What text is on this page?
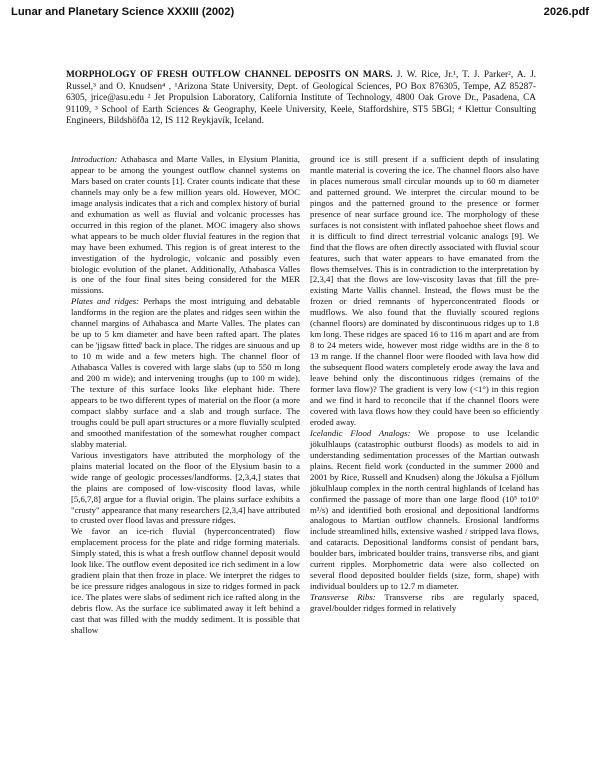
Lunar and Planetary Science XXXIII (2002)	2026.pdf
MORPHOLOGY OF FRESH OUTFLOW CHANNEL DEPOSITS ON MARS. J. W. Rice, Jr.¹, T. J. Parker², A. J. Russel,³ and O. Knudsen⁴ , ¹Arizona State University, Dept. of Geological Sciences, PO Box 876305, Tempe, AZ 85287-6305, jrice@asu.edu ² Jet Propulsion Laboratory, California Institute of Technology, 4800 Oak Grove Dr., Pasadena, CA 91109, ³ School of Earth Sciences & Geography, Keele University, Keele, Staffordshire, ST5 5BGl; ⁴ Klettur Consulting Engineers, Bildshöfða 12, IS 112 Reykjavík, Iceland.

Introduction: Athabasca and Marte Valles, in Elysium Planitia, appear to be among the youngest outflow channel systems on Mars based on crater counts [1]. Crater counts indicate that these channels may only be a few million years old. However, MOC image analysis indicates that a rich and complex history of burial and exhumation as well as fluvial and volcanic processes has occurred in this region of the planet. MOC imagery also shows what appears to be much older fluvial features in the region that may have been exhumed. This region is of great interest to the investigation of the hydrologic, volcanic and possibly even biologic evolution of the planet. Additionally, Athabasca Valles is one of the four final sites being considered for the MER missions.

Plates and ridges: Perhaps the most intriguing and debatable landforms in the region are the plates and ridges seen within the channel margins of Athabasca and Marte Valles. The plates can be up to 5 km diameter and have been rafted apart. The plates can be 'jigsaw fitted' back in place. The ridges are sinuous and up to 10 m wide and a few meters high. The channel floor of Athabasca Valles is covered with large slabs (up to 550 m long and 200 m wide); and intervening troughs (up to 100 m wide). The texture of this surface looks like elephant hide. There appears to be two different types of material on the floor (a more compact slabby surface and a slab and trough surface. The troughs could be pull apart structures or a more fluvially sculpted and smoothed manifestation of the somewhat rougher compact slabby material.

Various investigators have attributed the morphology of the plains material located on the floor of the Elysium basin to a wide range of geologic processes/landforms. [2,3,4,] states that the plains are composed of low-viscosity flood lavas, while [5,6,7,8] argue for a fluvial origin. The plains surface exhibits a "crusty" appearance that many researchers [2,3,4] have attributed to crusted over flood lavas and pressure ridges.

We favor an ice-rich fluvial (hyperconcentrated) flow emplacement process for the plate and ridge forming materials. Simply stated, this is what a fresh outflow channel deposit would look like. The outflow event deposited ice rich sediment in a low gradient plain that then froze in place. We interpret the ridges to be ice pressure ridges analogous in size to ridges formed in pack ice. The plates were slabs of sediment rich ice rafted along in the debris flow. As the surface ice sublimated away it left behind a cast that was filled with the muddy sediment. It is possible that shallow

ground ice is still present if a sufficient depth of insulating mantle material is covering the ice. The channel floors also have in places numerous small circular mounds up to 60 m diameter and patterned ground. We interpret the circular mound to be pingos and the patterned ground to the presence or former presence of near surface ground ice. The morphology of these surfaces is not consistent with inflated pahoehoe sheet flows and it is difficult to find direct terrestrial volcanic analogs [9]. We find that the flows are often directly associated with fluvial scour features, such that water appears to have emanated from the flows themselves. This is in contradiction to the interpretation by [2,3,4] that the flows are low-viscosity lavas that fill the pre-existing Marte Vallis channel. Instead, the flows must be the frozen or dried remnants of hyperconcentrated floods or mudflows. We also found that the fluvially scoured regions (channel floors) are dominated by discontinuous ridges up to 1.8 km long. These ridges are spaced 16 to 116 m apart and are from 8 to 24 meters wide, however most ridge widths are in the 8 to 13 m range. If the channel floor were flooded with lava how did the subsequent flood waters completely erode away the lava and leave behind only the discontinuous ridges (remains of the former lava flow)? The gradient is very low (<1°) in this region and we find it hard to reconcile that if the channel floors were covered with lava flows how they could have been so efficiently eroded away.

Icelandic Flood Analogs: We propose to use Icelandic jökulhlaups (catastrophic outburst floods) as models to aid in understanding sedimentation processes of the Martian outwash plains. Recent field work (conducted in the summer 2000 and 2001 by Rice, Russell and Knudsen) along the Jökulsa a Fjöllum jökulhlaup complex in the north central highlands of Iceland has confirmed the passage of more than one large flood (10⁵ to10⁶ m³/s) and identified both erosional and depositional landforms analogous to Martian outflow channels. Erosional landforms include streamlined hills, extensive washed / stripped lava flows, and cataracts. Depositional landforms consist of pendant bars, boulder bars, imbricated boulder trains, transverse ribs, and giant current ripples. Morphometric data were also collected on several flood deposited boulder fields (size, form, shape) with individual boulders up to 12.7 m diameter.

Transverse Ribs: Transverse ribs are regularly spaced, gravel/boulder ridges formed in relatively
